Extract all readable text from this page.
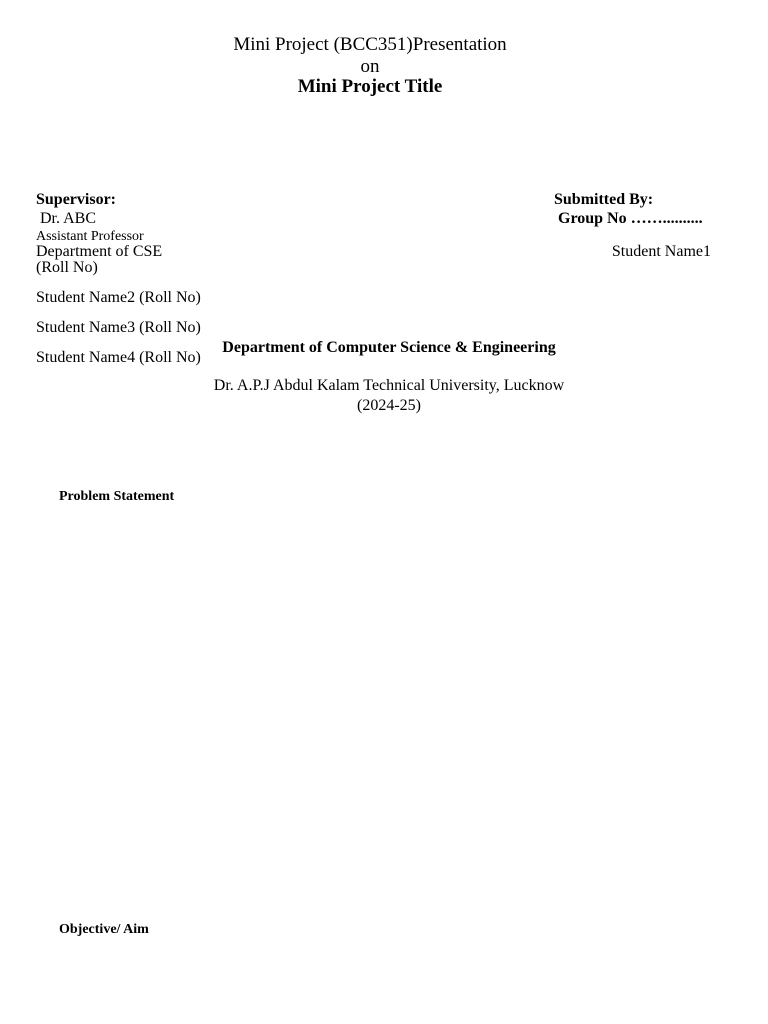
Mini Project (BCC351)Presentation
on
Mini Project Title
Supervisor:
Dr. ABC
Assistant Professor
Department of CSE
(Roll No)
Student Name2 (Roll No)
Student Name3 (Roll No)
Student Name4 (Roll No)
Submitted By:
Group No ……..........
Student Name1
Department of Computer Science & Engineering
Dr. A.P.J Abdul Kalam Technical University, Lucknow
(2024-25)
Problem Statement
Objective/ Aim
